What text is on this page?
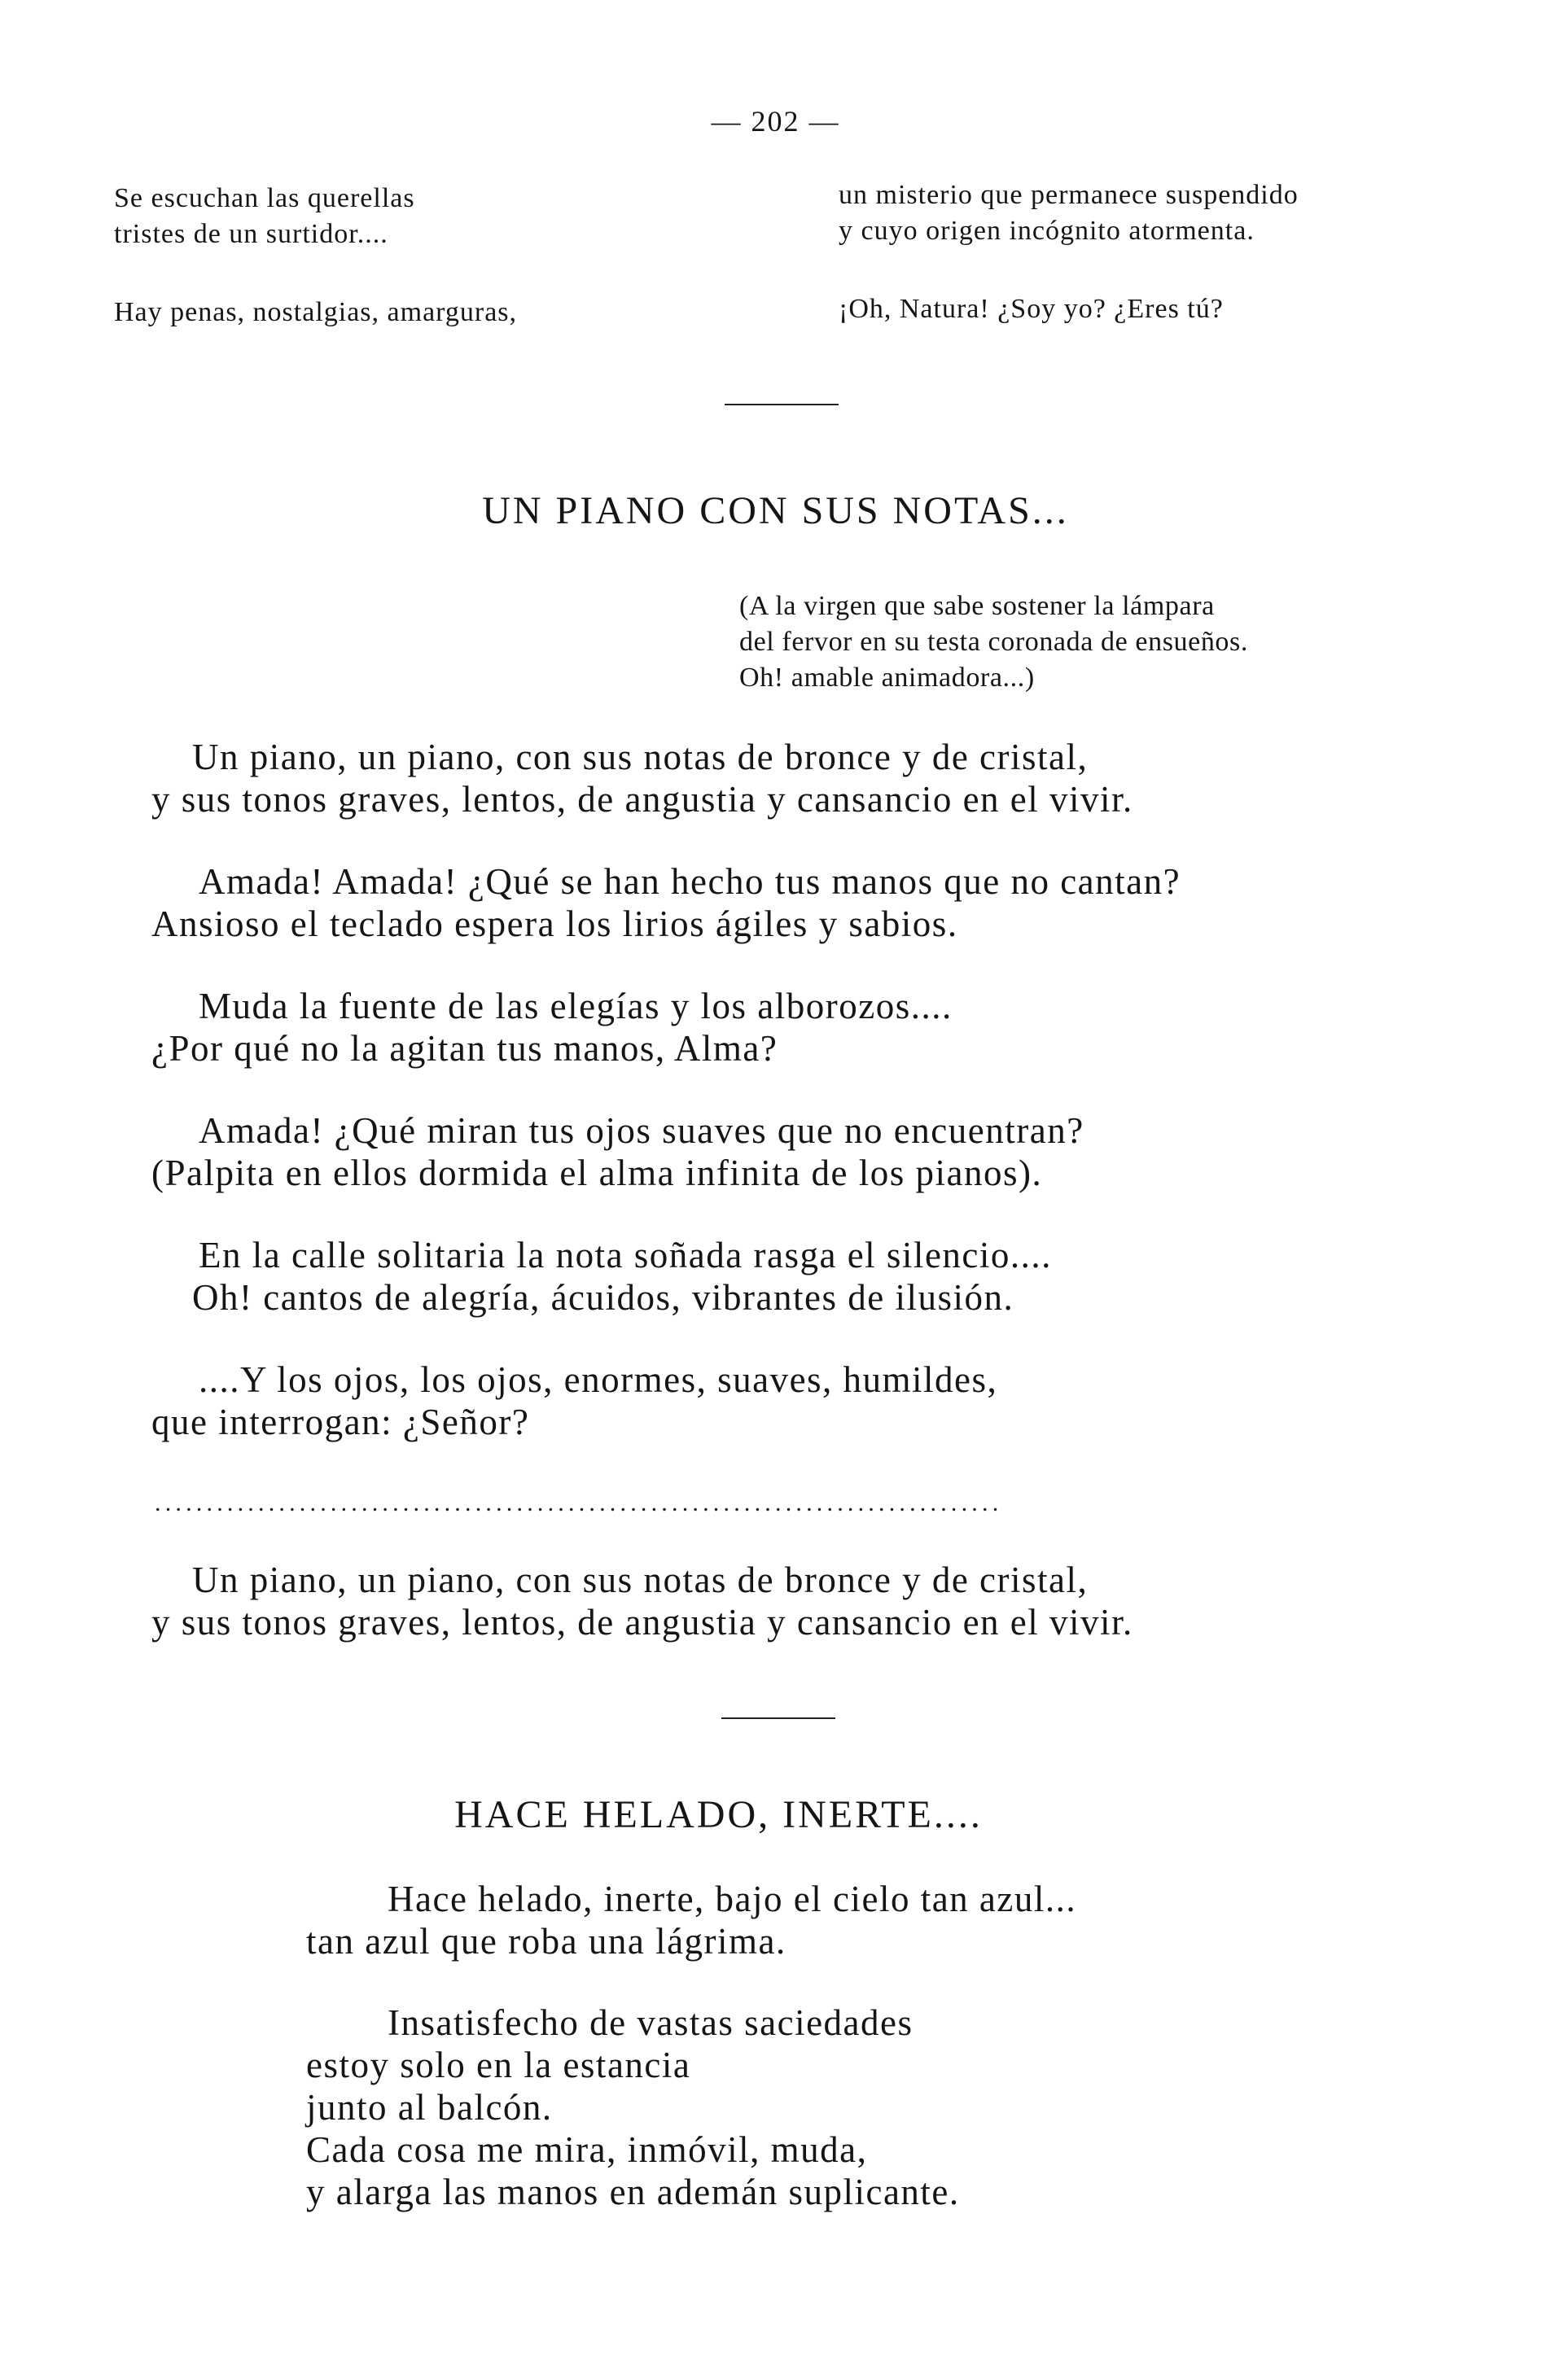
— 202 —

Se escuchan las querellas
tristes de un surtidor....

Hay penas, nostalgias, amarguras,

un misterio que permanece suspendido
y cuyo origen incógnito atormenta.

¡Oh, Natura! ¿Soy yo? ¿Eres tú?

UN PIANO CON SUS NOTAS...
(A la virgen que sabe sostener la lámpara
del fervor en su testa coronada de ensueños.
Oh! amable animadora...)
Un piano, un piano, con sus notas de bronce y de cristal,
y sus tonos graves, lentos, de angustia y cansancio en el vivir.
Amada! Amada! ¿Qué se han hecho tus manos que no cantan?
Ansioso el teclado espera los lirios ágiles y sabios.
Muda la fuente de las elegías y los alborozos....
¿Por qué no la agitan tus manos, Alma?
Amada! ¿Qué miran tus ojos suaves que no encuentran?
(Palpita en ellos dormida el alma infinita de los pianos).
En la calle solitaria la nota soñada rasga el silencio....
Oh! cantos de alegría, ácuidos, vibrantes de ilusión.
....Y los ojos, los ojos, enormes, suaves, humildes,
que interrogan: ¿Señor?
..................................................................................
Un piano, un piano, con sus notas de bronce y de cristal,
y sus tonos graves, lentos, de angustia y cansancio en el vivir.
HACE HELADO, INERTE....
Hace helado, inerte, bajo el cielo tan azul...
tan azul que roba una lágrima.
Insatisfecho de vastas saciedades
estoy solo en la estancia
junto al balcón.
Cada cosa me mira, inmóvil, muda,
y alarga las manos en ademán suplicante.
